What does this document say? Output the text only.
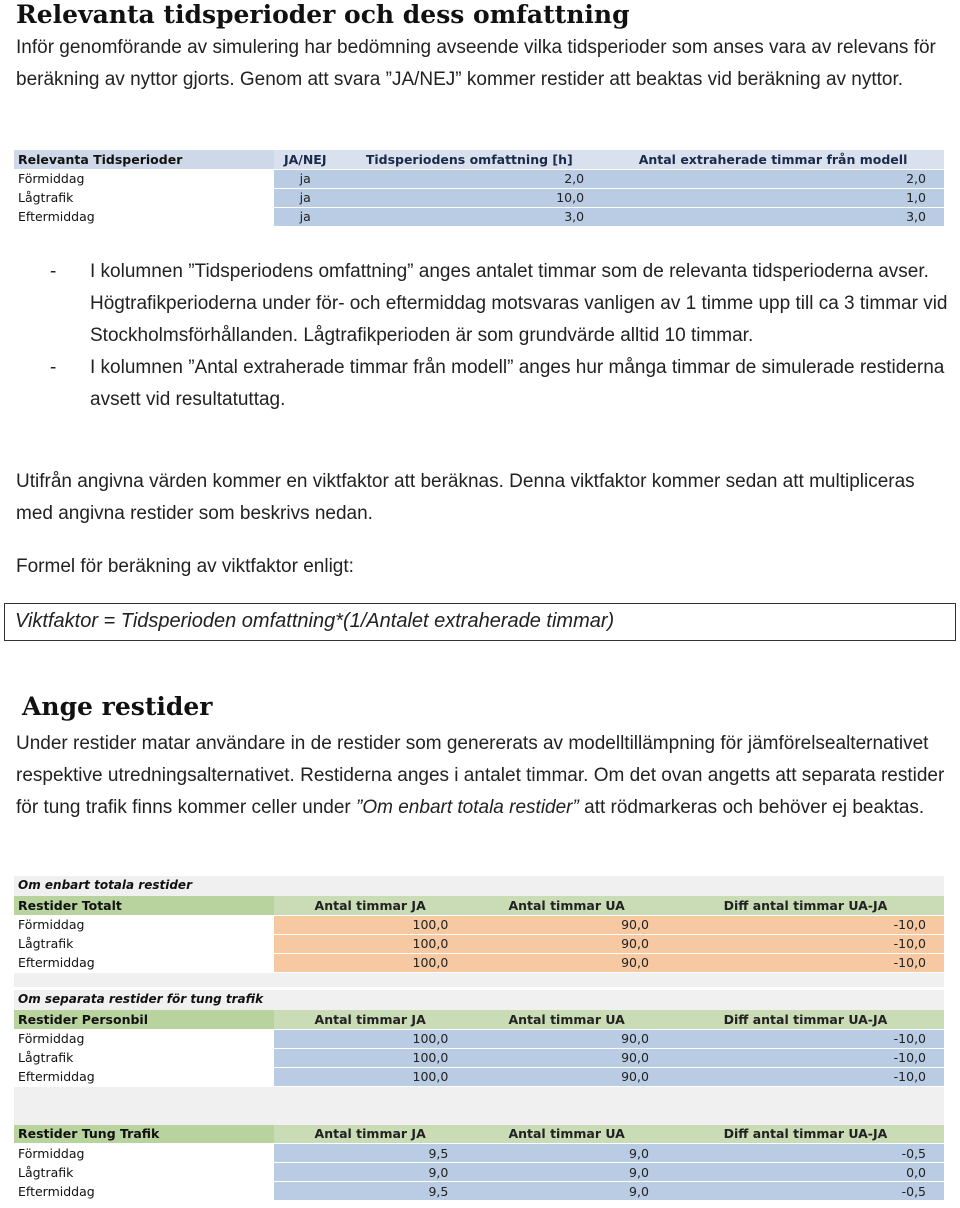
Relevanta tidsperioder och dess omfattning

Inför genomförande av simulering har bedömning avseende vilka tidsperioder som anses vara av relevans för beräkning av nyttor gjorts. Genom att svara ”JA/NEJ” kommer restider att beaktas vid beräkning av nyttor.

Relevanta Tidsperioder	JA/NEJ	Tidsperiodens omfattning [h]	Antal extraherade timmar från modell
Förmiddag	ja	2,0	2,0
Lågtrafik	ja	10,0	1,0
Eftermiddag	ja	3,0	3,0
- I kolumnen ”Tidsperiodens omfattning” anges antalet timmar som de relevanta tidsperioderna avser. Högtrafikperioderna under för- och eftermiddag motsvaras vanligen av 1 timme upp till ca 3 timmar vid Stockholmsförhållanden. Lågtrafikperioden är som grundvärde alltid 10 timmar.
- I kolumnen ”Antal extraherade timmar från modell” anges hur många timmar de simulerade restiderna avsett vid resultatuttag.

Utifrån angivna värden kommer en viktfaktor att beräknas. Denna viktfaktor kommer sedan att multipliceras med angivna restider som beskrivs nedan.

Formel för beräkning av viktfaktor enligt:

Viktfaktor = Tidsperioden omfattning*(1/Antalet extraherade timmar)
Ange restider

Under restider matar användare in de restider som genererats av modelltillämpning för jämförelsealternativet respektive utredningsalternativet. Restiderna anges i antalet timmar. Om det ovan angetts att separata restider för tung trafik finns kommer celler under ”Om enbart totala restider” att rödmarkeras och behöver ej beaktas.

Om enbart totala restider
Restider Totalt	Antal timmar JA	Antal timmar UA	Diff antal timmar UA-JA
Förmiddag	100,0	90,0	-10,0
Lågtrafik	100,0	90,0	-10,0
Eftermiddag	100,0	90,0	-10,0
Om separata restider för tung trafik
Restider Personbil	Antal timmar JA	Antal timmar UA	Diff antal timmar UA-JA
Förmiddag	100,0	90,0	-10,0
Lågtrafik	100,0	90,0	-10,0
Eftermiddag	100,0	90,0	-10,0
Restider Tung Trafik	Antal timmar JA	Antal timmar UA	Diff antal timmar UA-JA
Förmiddag	9,5	9,0	-0,5
Lågtrafik	9,0	9,0	0,0
Eftermiddag	9,5	9,0	-0,5
